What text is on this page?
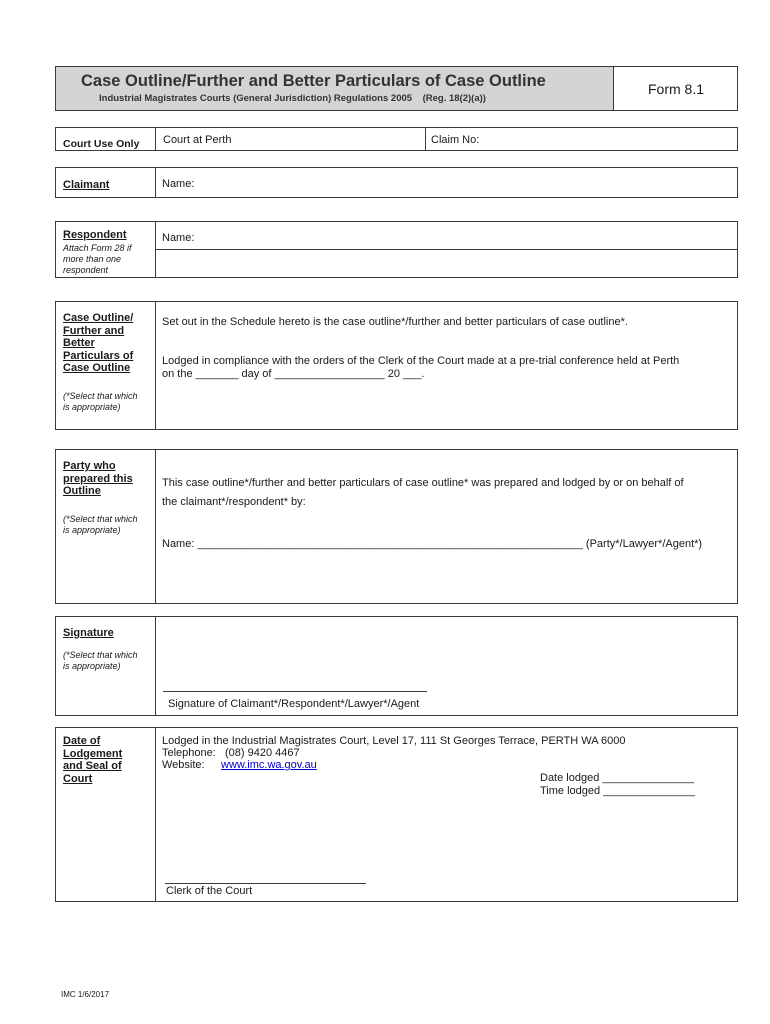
Case Outline/Further and Better Particulars of Case Outline
Industrial Magistrates Courts (General Jurisdiction) Regulations 2005    (Reg. 18(2)(a))
Form 8.1
Court Use Only Court at Perth	Claim No:
Claimant	Name:
Respondent
Attach Form 28 if more than one respondent
Name:
Case Outline/ Further and Better Particulars of Case Outline
(*Select that which is appropriate)
Set out in the Schedule hereto is the case outline*/further and better particulars of case outline*.
Lodged in compliance with the orders of the Clerk of the Court made at a pre-trial conference held at Perth
on the _______ day of __________________ 20 ___.
Party who prepared this Outline
(*Select that which is appropriate)
This case outline*/further and better particulars of case outline* was prepared and lodged by or on behalf of
the claimant*/respondent* by:
Name: _______________________________________________________________ (Party*/Lawyer*/Agent*)
Signature
(*Select that which is appropriate)
Signature of Claimant*/Respondent*/Lawyer*/Agent
Date of Lodgement and Seal of Court
Lodged in the Industrial Magistrates Court, Level 17, 111 St Georges Terrace, PERTH WA 6000
Telephone:   (08) 9420 4467
Website: www.imc.wa.gov.au
Date lodged _______________
Time lodged _______________
Clerk of the Court
IMC 1/6/2017
